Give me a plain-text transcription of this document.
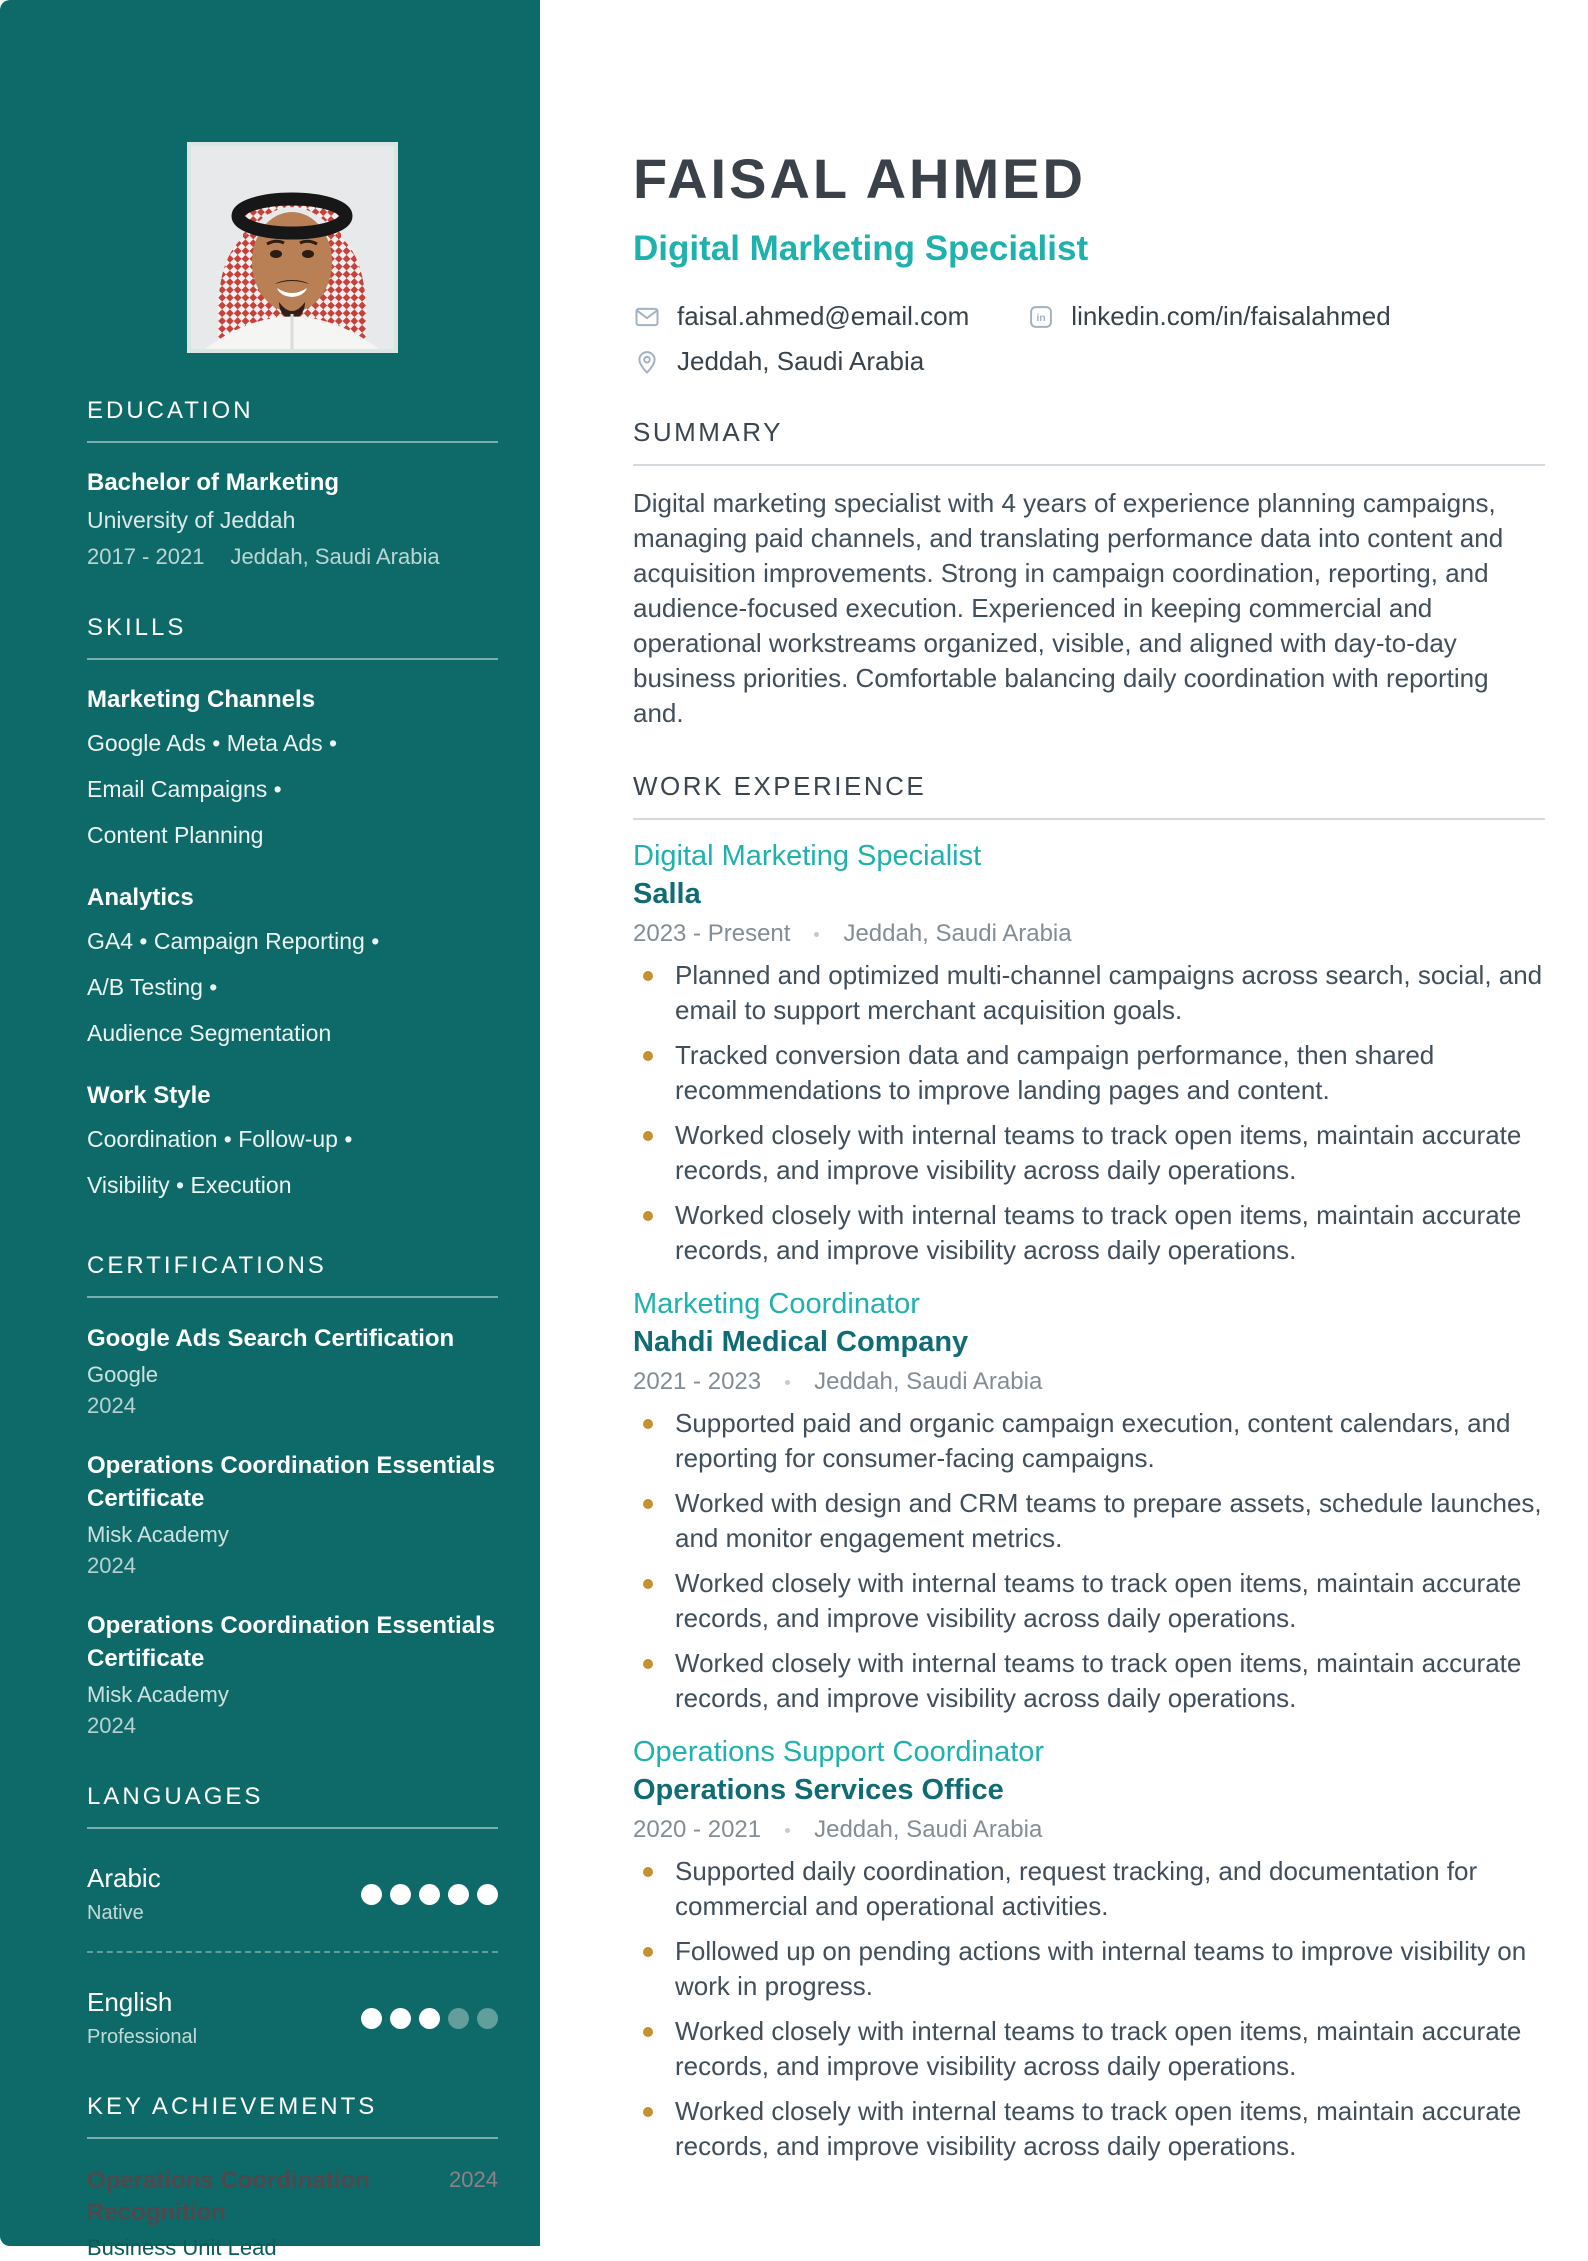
EDUCATION
Bachelor of Marketing
University of Jeddah
2017 - 2021 Jeddah, Saudi Arabia
SKILLS
Marketing Channels
Google Ads • Meta Ads •
Email Campaigns •
Content Planning
Analytics
GA4 • Campaign Reporting •
A/B Testing •
Audience Segmentation
Work Style
Coordination • Follow-up •
Visibility • Execution
CERTIFICATIONS
Google Ads Search Certification
Google
2024
Operations Coordination Essentials Certificate
Misk Academy
2024
Operations Coordination Essentials Certificate
Misk Academy
2024
LANGUAGES
Arabic
Native
English
Professional
KEY ACHIEVEMENTS
Operations Coordination Recognition
Business Unit Lead
2024
FAISAL AHMED
Digital Marketing Specialist
faisal.ahmed@email.com	in linkedin.com/in/faisalahmed
Jeddah, Saudi Arabia
SUMMARY

Digital marketing specialist with 4 years of experience planning campaigns, managing paid channels, and translating performance data into content and acquisition improvements. Strong in campaign coordination, reporting, and audience-focused execution. Experienced in keeping commercial and operational workstreams organized, visible, and aligned with day-to-day business priorities. Comfortable balancing daily coordination with reporting and.

WORK EXPERIENCE
Digital Marketing Specialist
Salla
2023 - Present Jeddah, Saudi Arabia
Planned and optimized multi-channel campaigns across search, social, and email to support merchant acquisition goals.
Tracked conversion data and campaign performance, then shared recommendations to improve landing pages and content.
Worked closely with internal teams to track open items, maintain accurate records, and improve visibility across daily operations.
Worked closely with internal teams to track open items, maintain accurate records, and improve visibility across daily operations.
Marketing Coordinator
Nahdi Medical Company
2021 - 2023 Jeddah, Saudi Arabia
Supported paid and organic campaign execution, content calendars, and reporting for consumer-facing campaigns.
Worked with design and CRM teams to prepare assets, schedule launches, and monitor engagement metrics.
Worked closely with internal teams to track open items, maintain accurate records, and improve visibility across daily operations.
Worked closely with internal teams to track open items, maintain accurate records, and improve visibility across daily operations.
Operations Support Coordinator
Operations Services Office
2020 - 2021 Jeddah, Saudi Arabia
Supported daily coordination, request tracking, and documentation for commercial and operational activities.
Followed up on pending actions with internal teams to improve visibility on work in progress.
Worked closely with internal teams to track open items, maintain accurate records, and improve visibility across daily operations.
Worked closely with internal teams to track open items, maintain accurate records, and improve visibility across daily operations.
